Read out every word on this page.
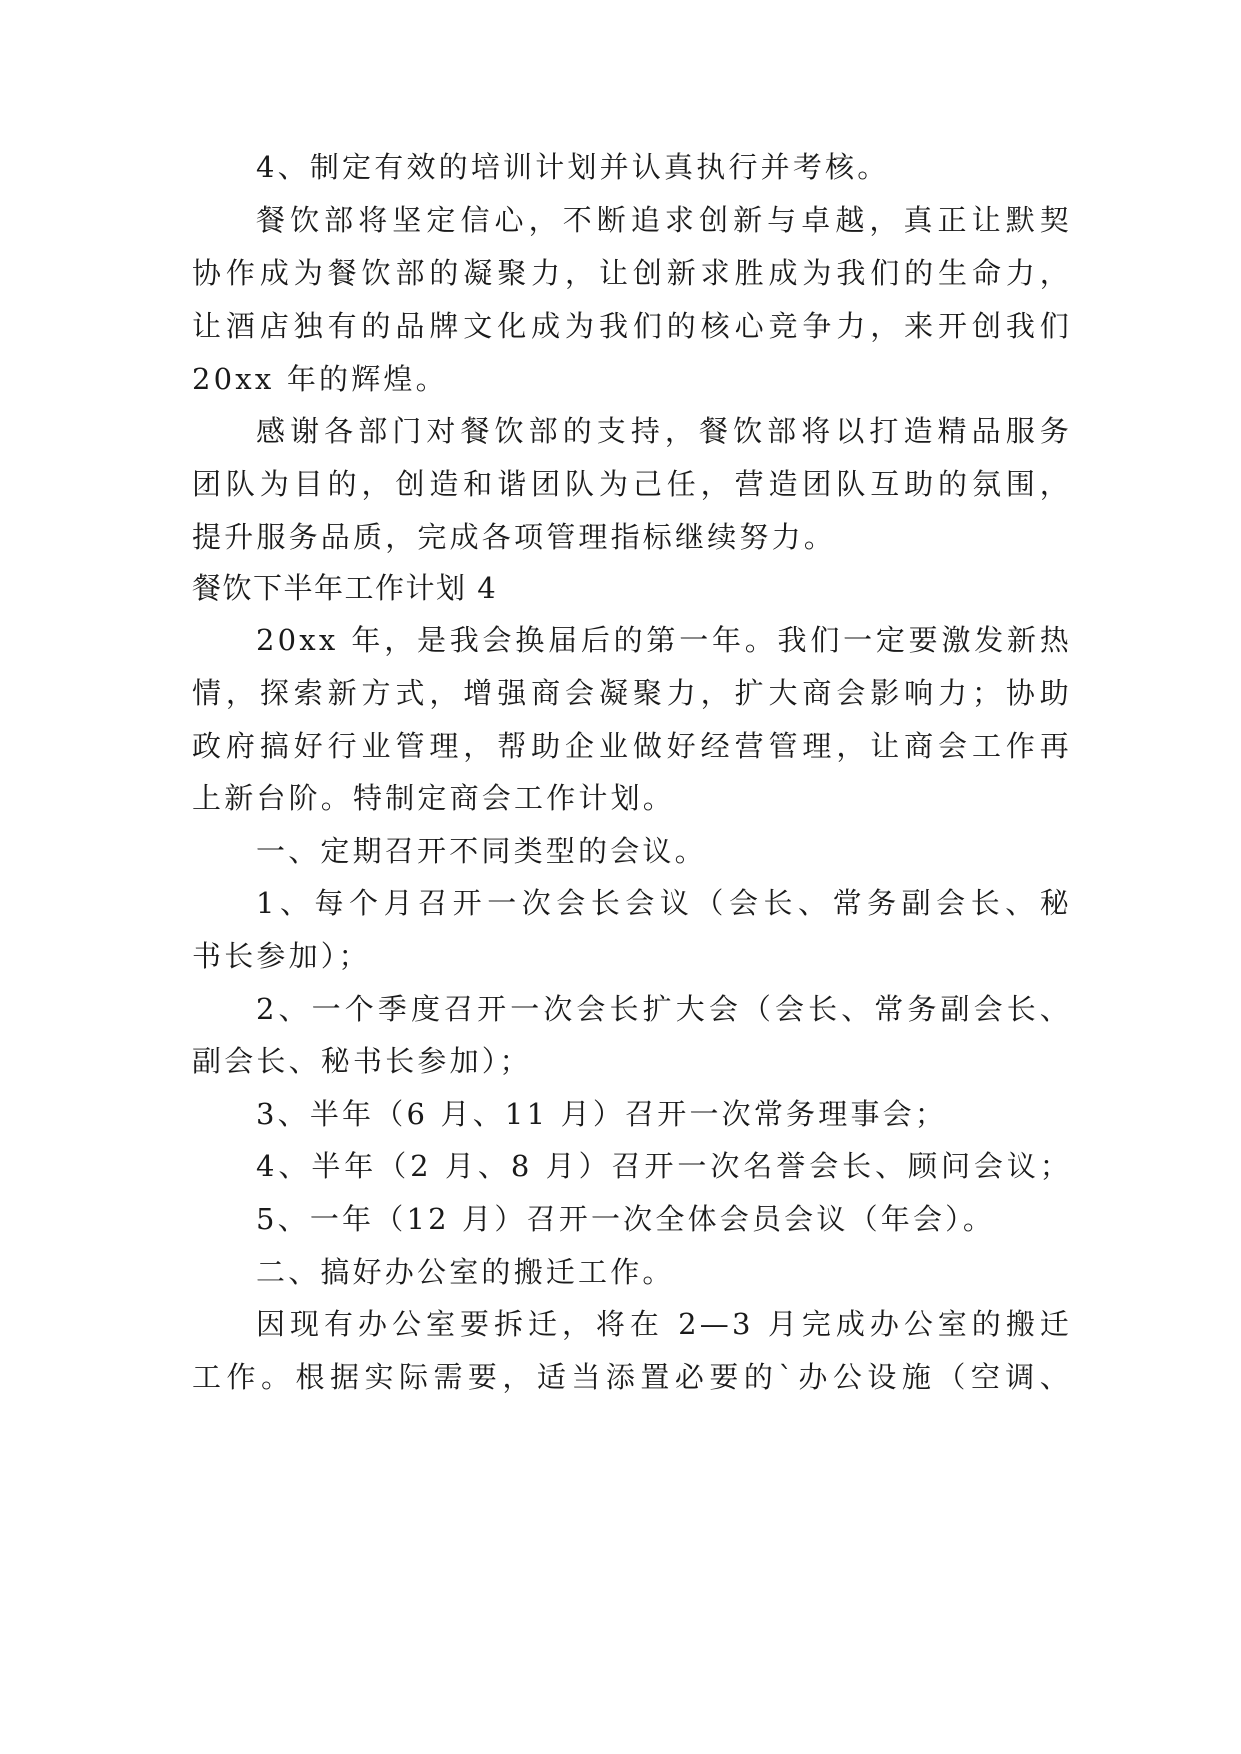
4、制定有效的培训计划并认真执行并考核。
餐饮部将坚定信心，不断追求创新与卓越，真正让默契
协作成为餐饮部的凝聚力，让创新求胜成为我们的生命力，
让酒店独有的品牌文化成为我们的核心竞争力，来开创我们
20xx 年的辉煌。
感谢各部门对餐饮部的支持，餐饮部将以打造精品服务
团队为目的，创造和谐团队为己任，营造团队互助的氛围，
提升服务品质，完成各项管理指标继续努力。
餐饮下半年工作计划 4
20xx 年，是我会换届后的第一年。我们一定要激发新热
情，探索新方式，增强商会凝聚力，扩大商会影响力；协助
政府搞好行业管理，帮助企业做好经营管理，让商会工作再
上新台阶。特制定商会工作计划。
一、定期召开不同类型的会议。
1、每个月召开一次会长会议（会长、常务副会长、秘
书长参加）；
2、一个季度召开一次会长扩大会（会长、常务副会长、
副会长、秘书长参加）；
3、半年（6 月、11 月）召开一次常务理事会；
4、半年（2 月、8 月）召开一次名誉会长、顾问会议；
5、一年（12 月）召开一次全体会员会议（年会）。
二、搞好办公室的搬迁工作。
因现有办公室要拆迁，将在 2—3 月完成办公室的搬迁
工作。根据实际需要，适当添置必要的`办公设施（空调、
